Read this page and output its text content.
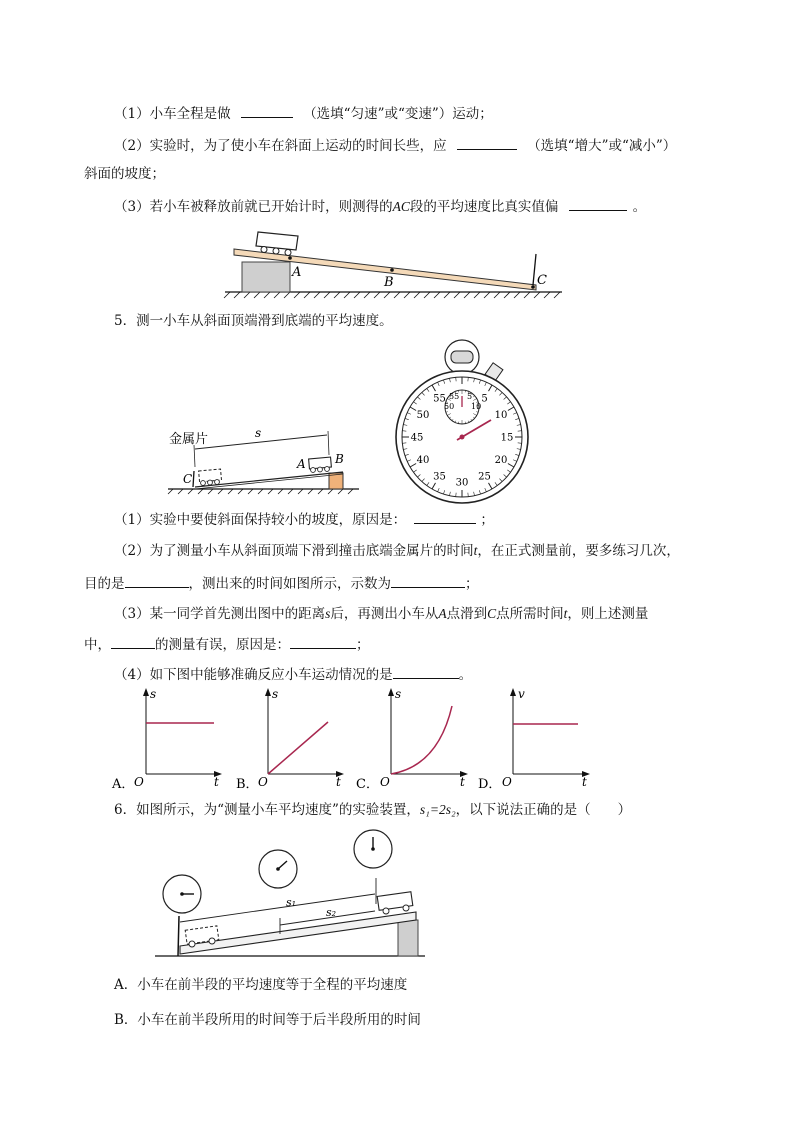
（1）小车全程是做	（选填“匀速”或“变速”）运动；
（2）实验时，为了使小车在斜面上运动的时间长些，应	（选填“增大”或“减小”）
斜面的坡度；
（3）若小车被释放前就已开始计时，则测得的AC段的平均速度比真实值偏	。
A
B	C
5．测一小车从斜面顶端滑到底端的平均速度。
金属片	s
C
A B
5
10
15
20
25
30
35
40
45
50
55 55 5
50 10
（1）实验中要使斜面保持较小的坡度，原因是：	；
（2）为了测量小车从斜面顶端下滑到撞击底端金属片的时间t，在正式测量前，要多练习几次，
目的是	，测出来的时间如图所示，示数为	；
（3）某一同学首先测出图中的距离s后，再测出小车从A点滑到C点所需时间t，则上述测量
中，	的测量有误，原因是：	；
（4）如下图中能够准确反应小车运动情况的是	。
A．
s
t
O	B．
s
t
O	C．
s
t
O	D．
v
t
O
6．如图所示，为“测量小车平均速度”的实验装置，s₁=2s₂，以下说法正确的是（　　）
s₁
s₂
A．小车在前半段的平均速度等于全程的平均速度
B．小车在前半段所用的时间等于后半段所用的时间
